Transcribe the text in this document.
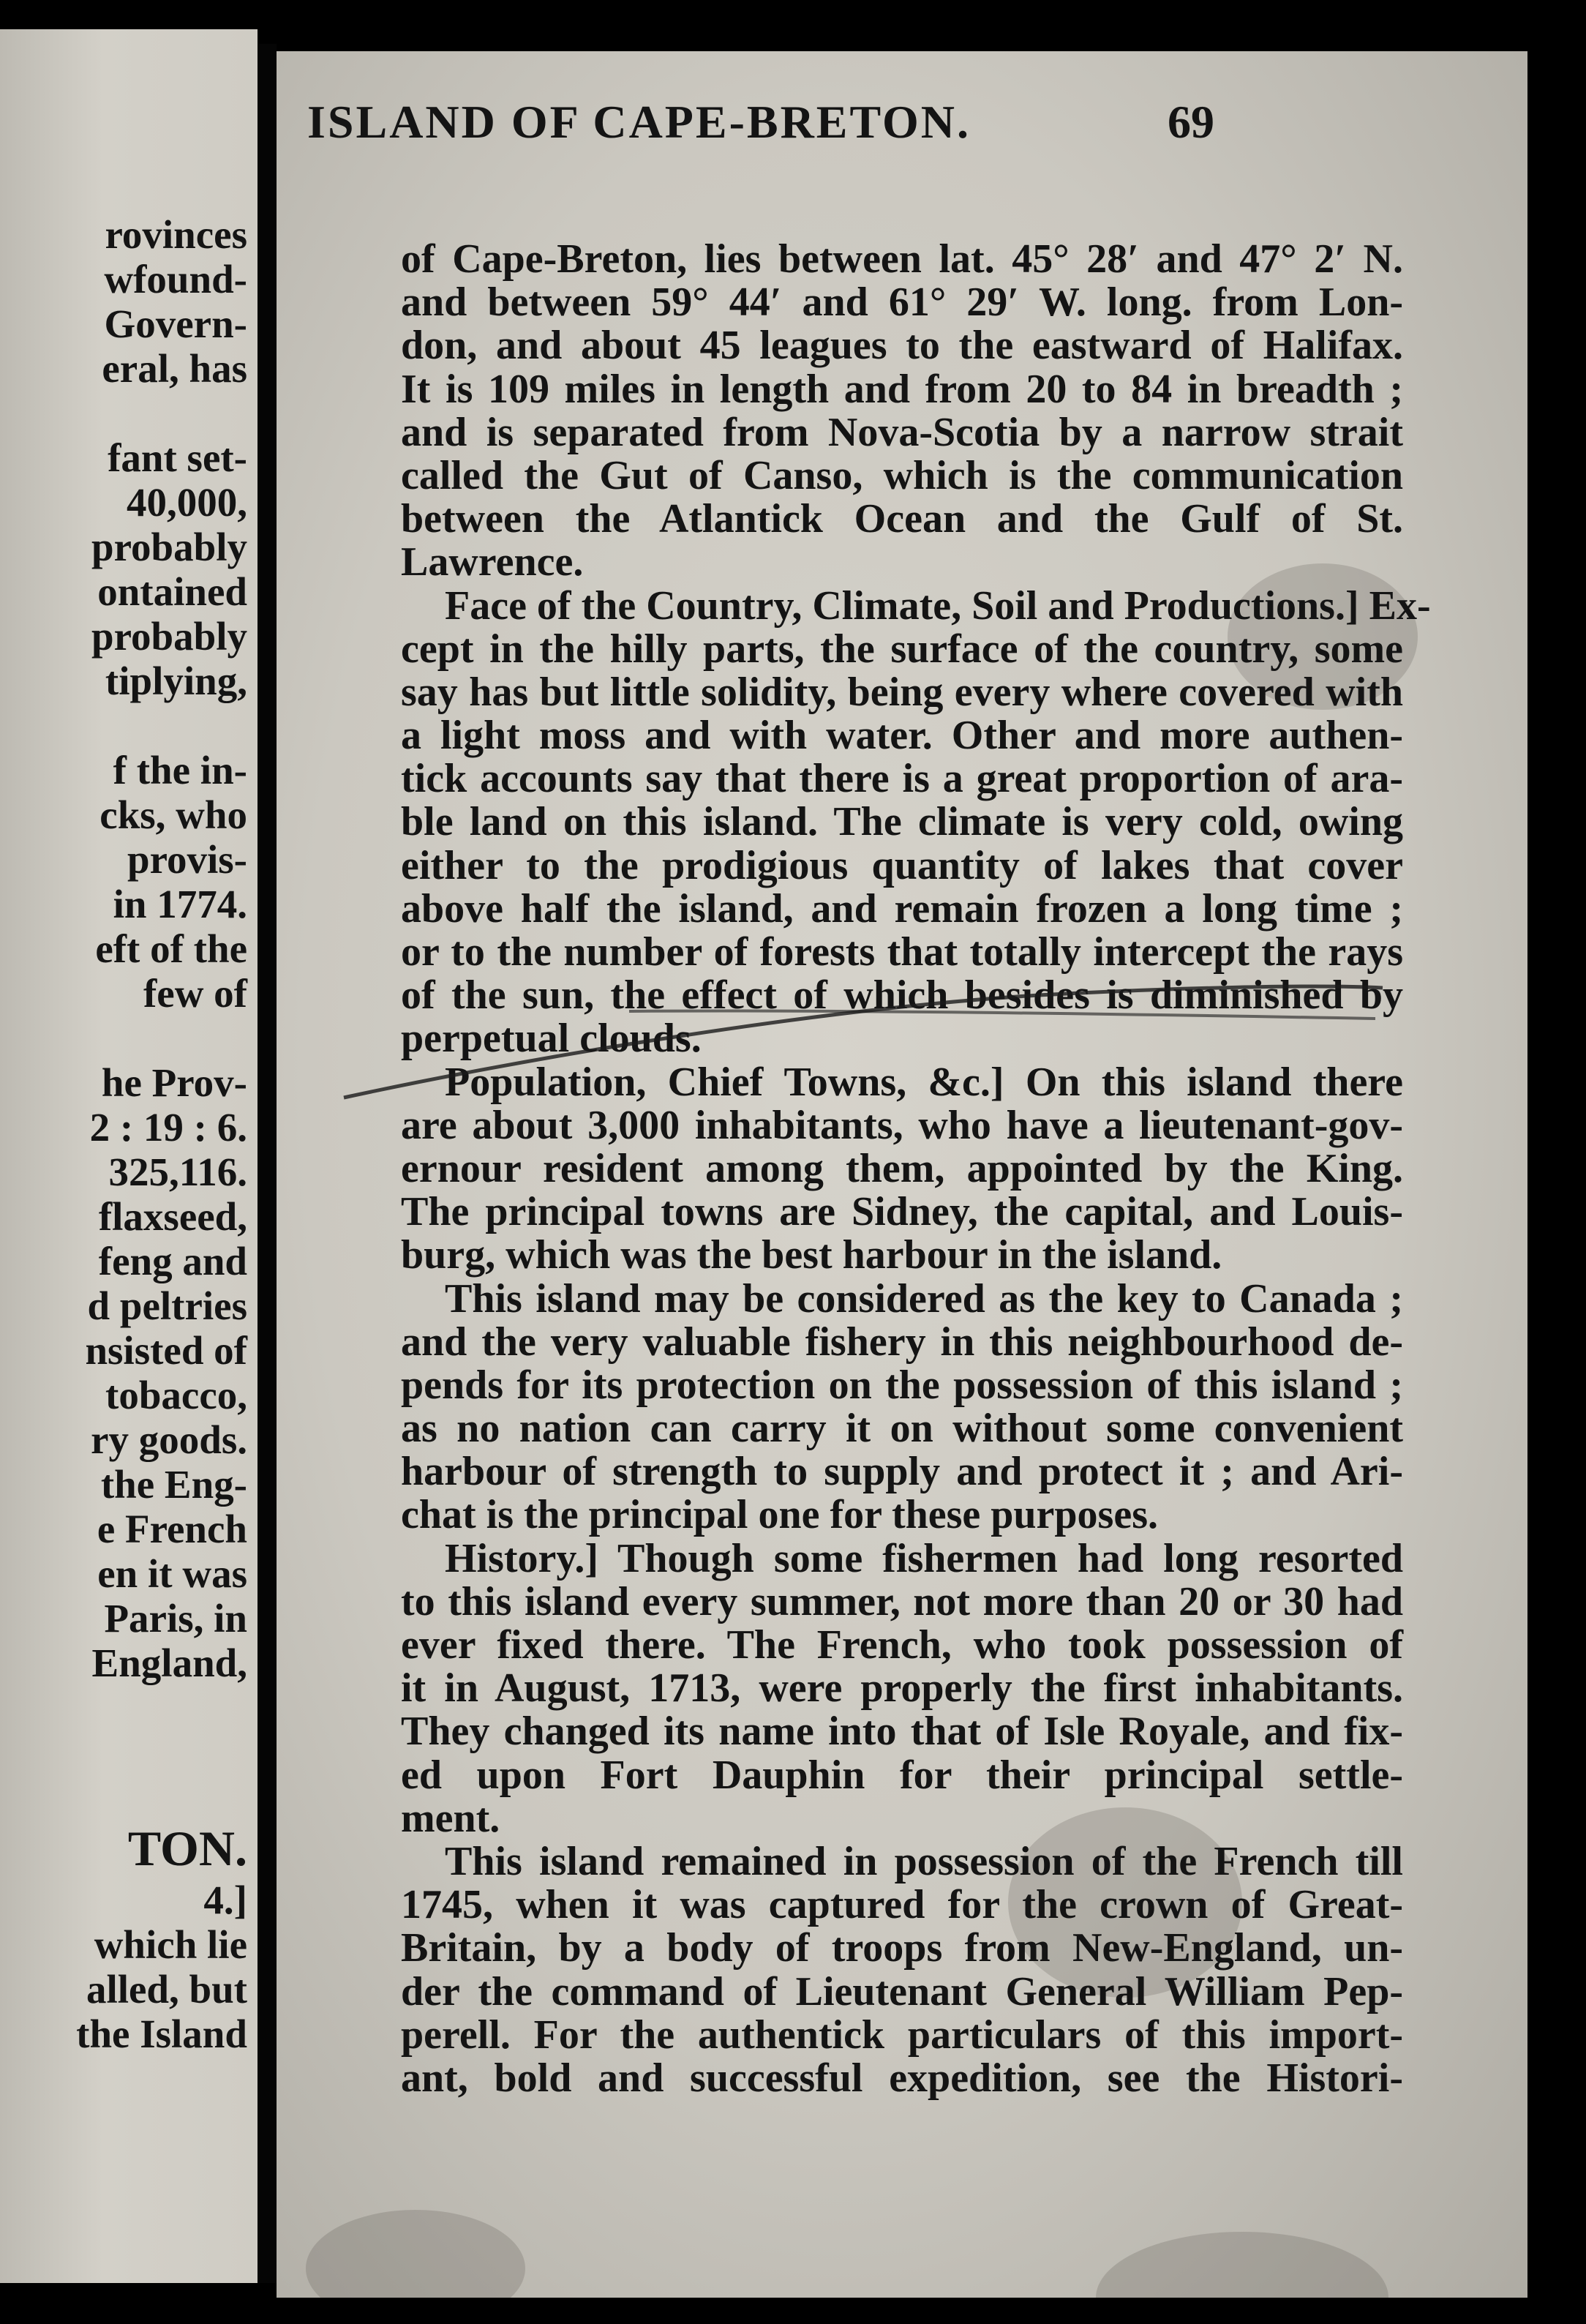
rovinces
wfound-
Govern-
eral, has
fant set-
40,000,
probably
ontained
probably
tiplying,
f the in-
cks, who
provis-
in 1774.
eft of the
few of
he Prov-
2 : 19 : 6.
325,116.
flaxseed,
feng and
d peltries
nsisted of
tobacco,
ry goods.
the Eng-
e French
en it was
Paris, in
England,
TON.
4.]
which lie
alled, but
the Island
ISLAND OF CAPE-BRETON.	69
of Cape-Breton, lies between lat. 45° 28′ and 47° 2′ N.
and between 59° 44′ and 61° 29′ W. long. from Lon-
don, and about 45 leagues to the eastward of Halifax.
It is 109 miles in length and from 20 to 84 in breadth ;
and is separated from Nova-Scotia by a narrow strait
called the Gut of Canso, which is the communication
between the Atlantick Ocean and the Gulf of St.
Lawrence.
Face of the Country, Climate, Soil and Productions.] Ex-
cept in the hilly parts, the surface of the country, some
say has but little solidity, being every where covered with
a light moss and with water. Other and more authen-
tick accounts say that there is a great proportion of ara-
ble land on this island. The climate is very cold, owing
either to the prodigious quantity of lakes that cover
above half the island, and remain frozen a long time ;
or to the number of forests that totally intercept the rays
of the sun, the effect of which besides is diminished by
perpetual clouds.
Population, Chief Towns, &c.] On this island there
are about 3,000 inhabitants, who have a lieutenant-gov-
ernour resident among them, appointed by the King.
The principal towns are Sidney, the capital, and Louis-
burg, which was the best harbour in the island.
This island may be considered as the key to Canada ;
and the very valuable fishery in this neighbourhood de-
pends for its protection on the possession of this island ;
as no nation can carry it on without some convenient
harbour of strength to supply and protect it ; and Ari-
chat is the principal one for these purposes.
History.] Though some fishermen had long resorted
to this island every summer, not more than 20 or 30 had
ever fixed there. The French, who took possession of
it in August, 1713, were properly the first inhabitants.
They changed its name into that of Isle Royale, and fix-
ed upon Fort Dauphin for their principal settle-
ment.
This island remained in possession of the French till
1745, when it was captured for the crown of Great-
Britain, by a body of troops from New-England, un-
der the command of Lieutenant General William Pep-
perell. For the authentick particulars of this import-
ant, bold and successful expedition, see the Histori-
